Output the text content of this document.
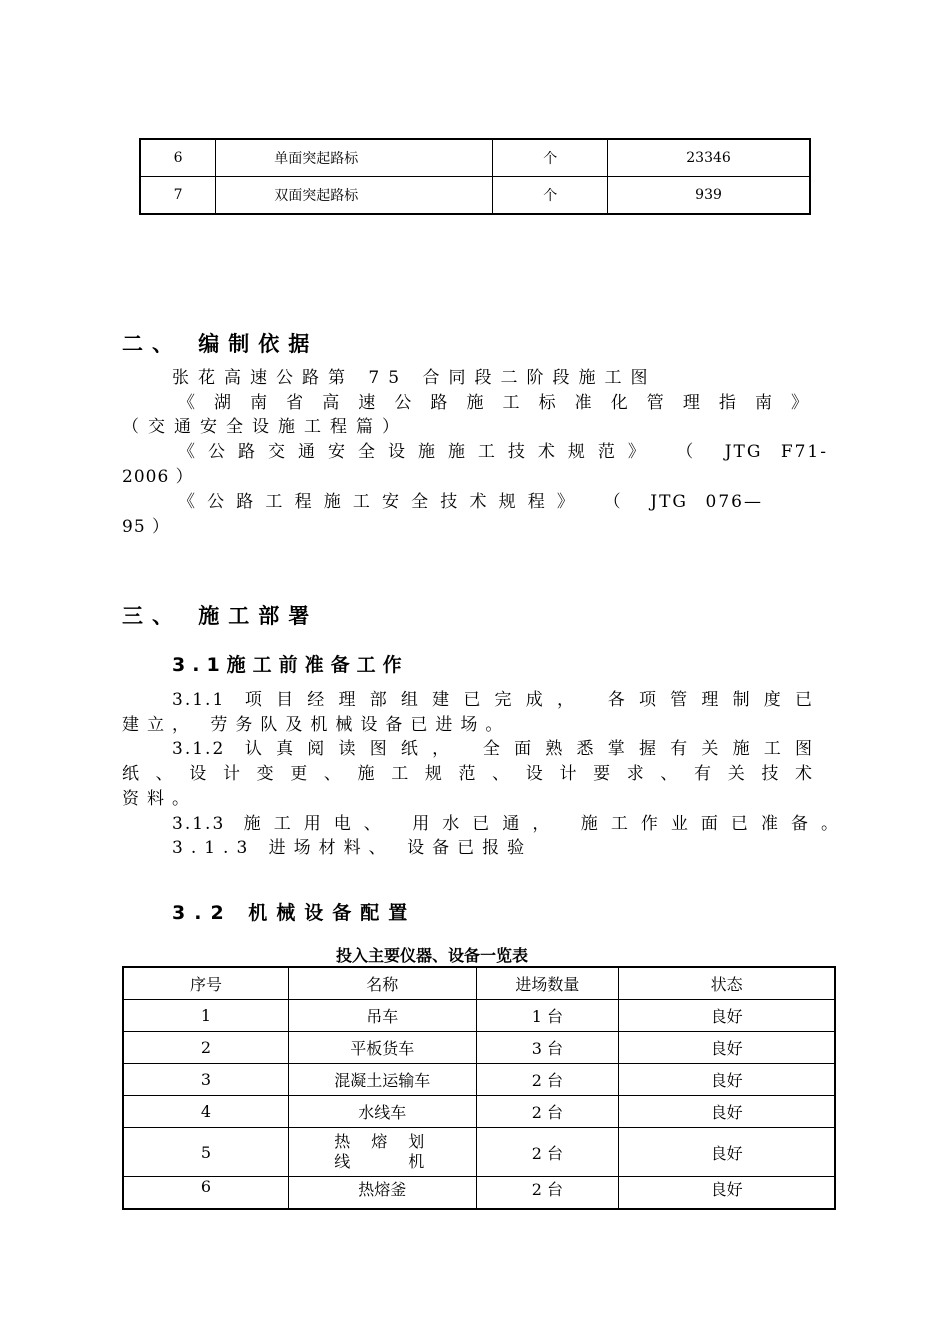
6	单面突起路标	个	23346
7	双面突起路标	个	939
二、 编制依据
张花高速公路第 75 合同段二阶段施工图
《湖南省高速公路施工标准化管理指南》
（交通安全设施工程篇）
《公路交通安全设施施工技术规范》 （ JTG F71-
2006 ）
《公路工程施工安全技术规程》 （ JTG 076—
95 ）
三、 施工部署
3.1施工前准备工作
3.1.1 项目经理部组建已完成， 各项管理制度已
建立， 劳务队及机械设备已进场。
3.1.2 认真阅读图纸， 全面熟悉掌握有关施工图
纸、设计变更、施工规范、设计要求、有关技术
资料。
3.1.3 施工用电、 用水已通， 施工作业面已准备。
3.1.3 进场材料、 设备已报验
3.2 机械设备配置
投入主要仪器、设备一览表
序号	名称	进场数量	状态
1	吊车	1 台	良好
2	平板货车	3 台	良好
3	混凝土运输车	2 台	良好
4	水线车	2 台	良好
5	热 熔 划 线 机	2 台	良好
6	热熔釜	2 台	良好
